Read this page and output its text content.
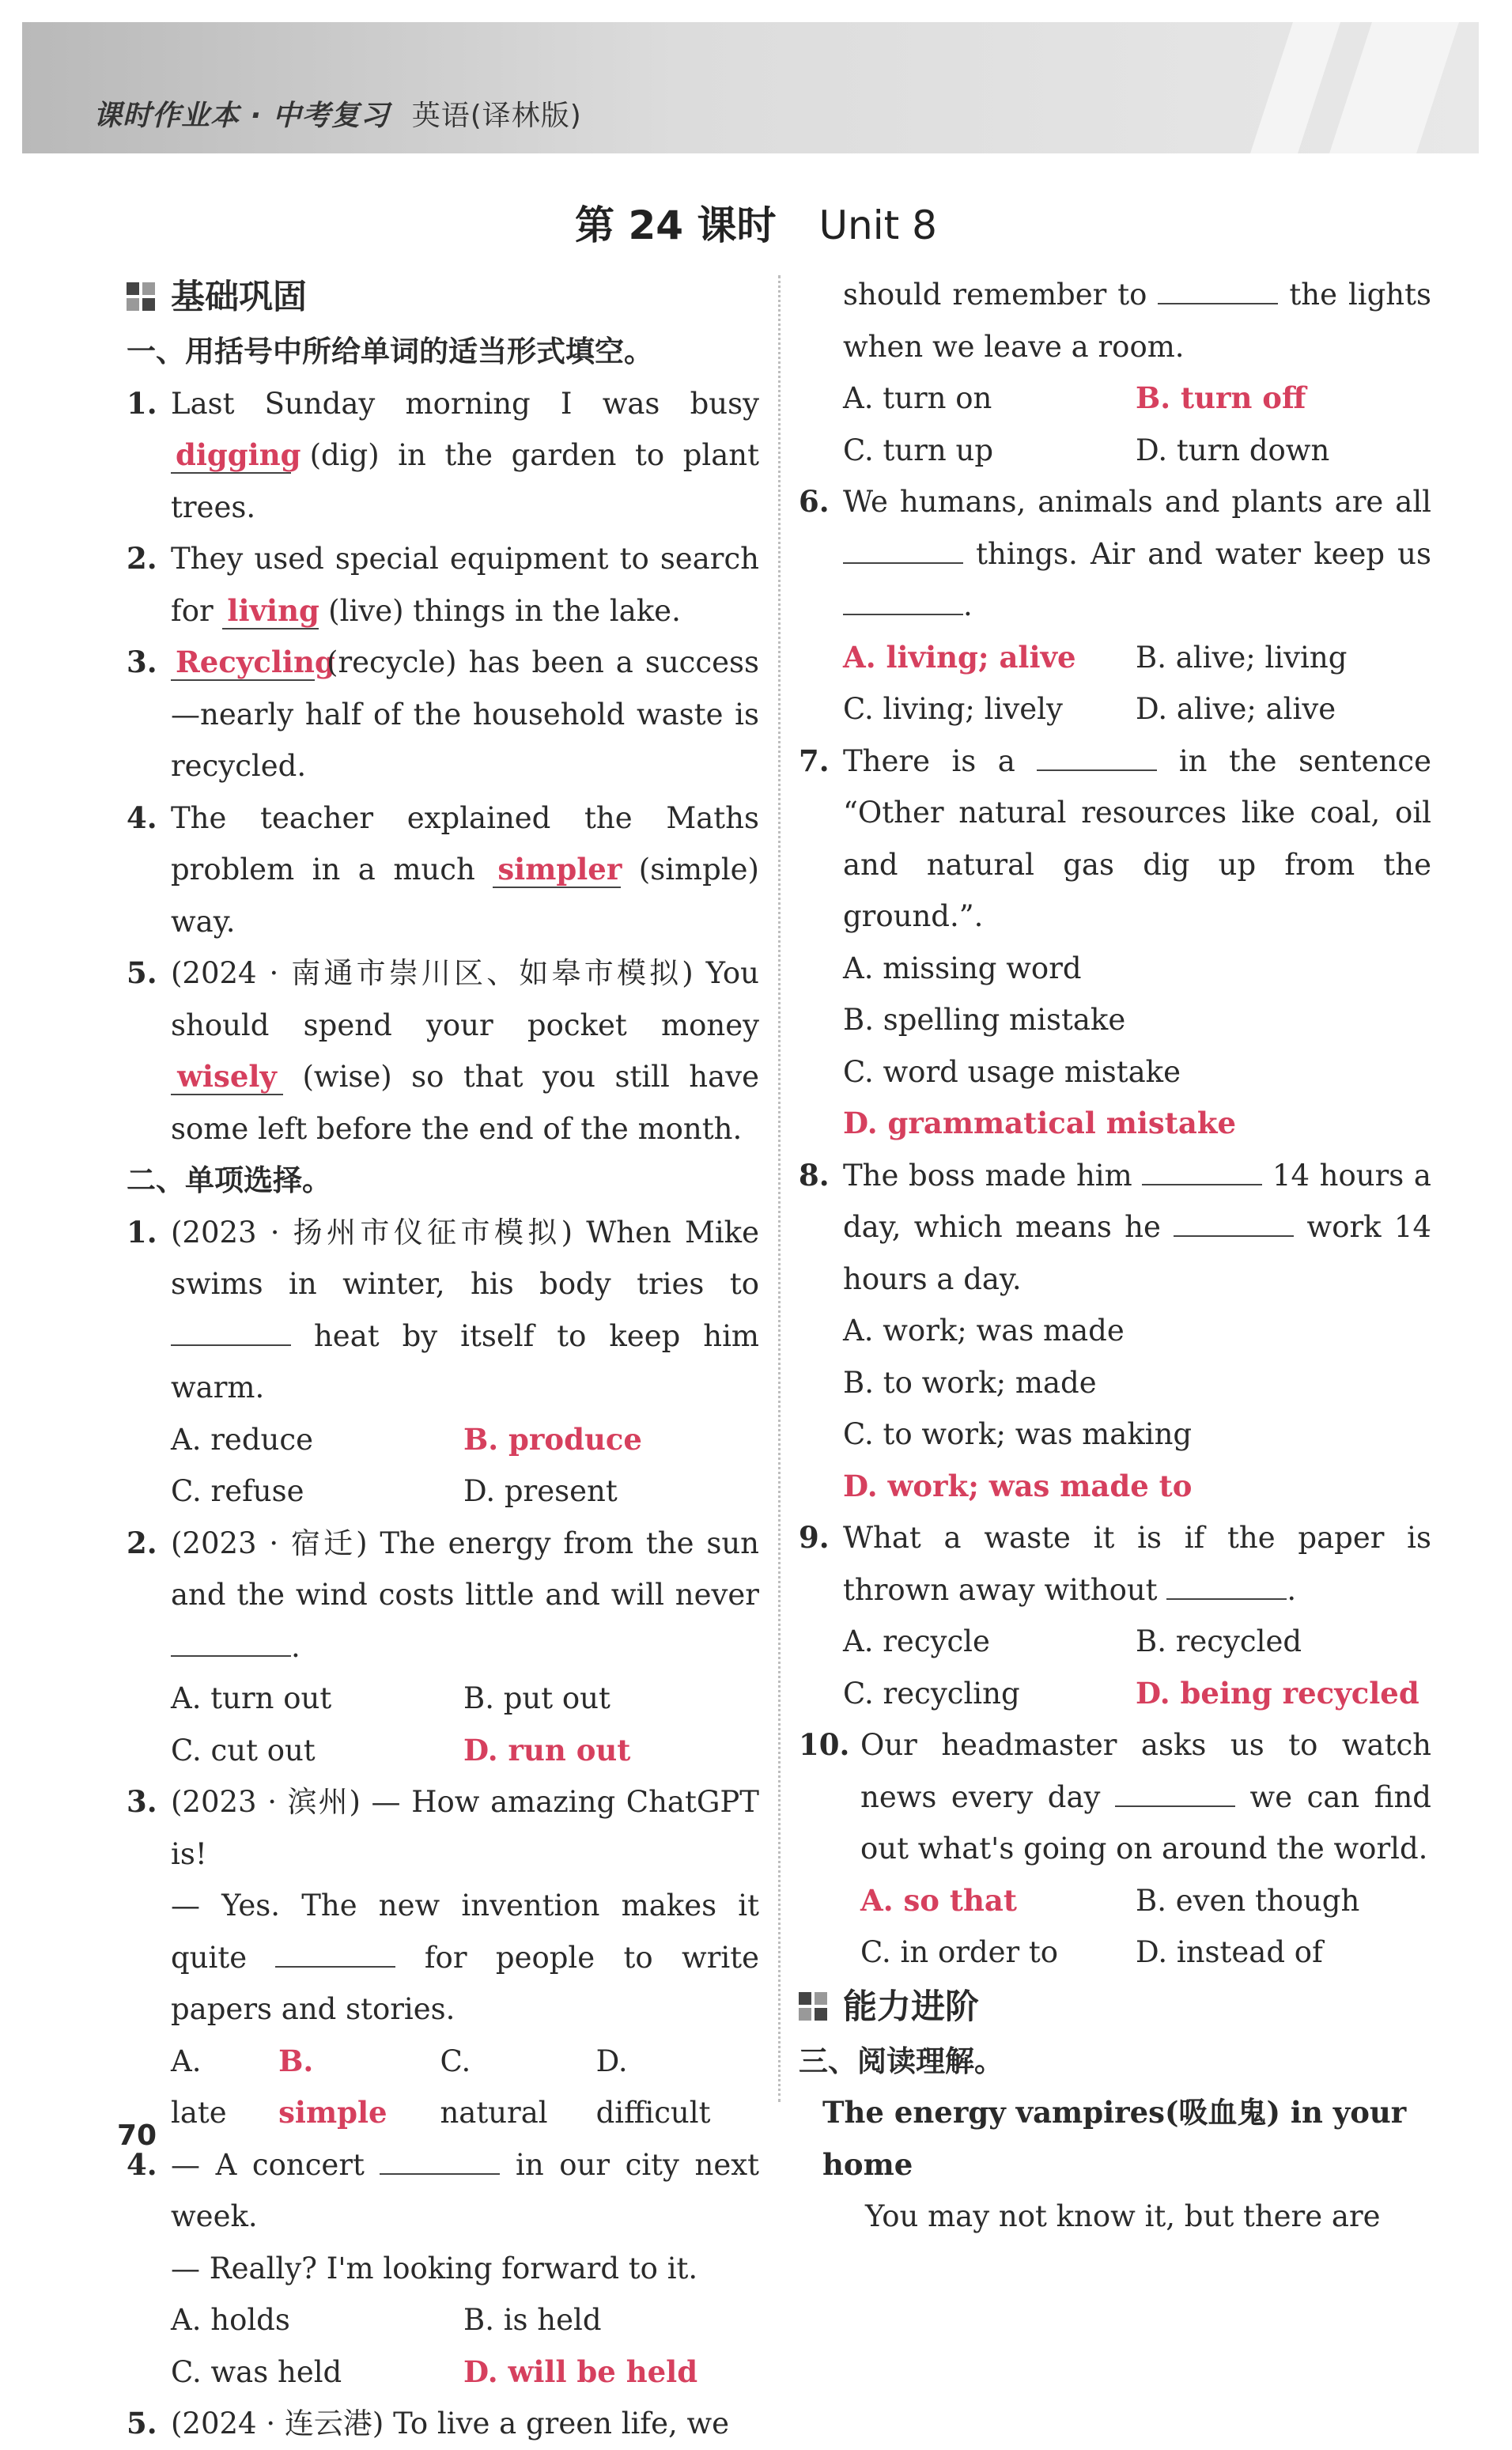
课时作业本 · 中考复习 英语(译林版)
第 24 课时 Unit 8
基础巩固
一、用括号中所给单词的适当形式填空。
1. Last Sunday morning I was busy digging (dig) in the garden to plant trees.
2. They used special equipment to search for living (live) things in the lake.
3. Recycling (recycle) has been a success—nearly half of the household waste is recycled.
4. The teacher explained the Maths problem in a much simpler (simple) way.
5. (2024 · 南通市崇川区、如皋市模拟) You should spend your pocket money wisely (wise) so that you still have some left before the end of the month.
二、单项选择。
1. (2023 · 扬州市仪征市模拟) When Mike swims in winter, his body tries to  heat by itself to keep him warm.
A. reduce	B. produce
C. refuse	D. present
2. (2023 · 宿迁) The energy from the sun and the wind costs little and will never .
A. turn out	B. put out
C. cut out	D. run out
3. (2023 · 滨州) — How amazing ChatGPT is!
— Yes. The new invention makes it quite	for people to write papers and stories.
A. late
B. simple
C. natural
D. difficult
4. — A concert	in our city next week.
— Really? I'm looking forward to it.
A. holds	B. is held
C. was held	D. will be held
5. (2024 · 连云港) To live a green life, we
should remember to	the lights when we leave a room.
A. turn on	B. turn off
C. turn up	D. turn down
6. We humans, animals and plants are all  things. Air and water keep us .
A. living; alive	B. alive; living
C. living; lively	D. alive; alive
7. There is a	in the sentence “Other natural resources like coal, oil and natural gas dig up from the ground.”.
A. missing word
B. spelling mistake
C. word usage mistake
D. grammatical mistake
8. The boss made him	14 hours a day, which means he	work 14 hours a day.
A. work; was made
B. to work; made
C. to work; was making
D. work; was made to
9. What a waste it is if the paper is thrown away without	.
A. recycle	B. recycled
C. recycling	D. being recycled
10. Our headmaster asks us to watch news every day	we can find out what's going on around the world.
A. so that	B. even though
C. in order to	D. instead of
能力进阶
三、阅读理解。
The energy vampires(吸血鬼) in your home
You may not know it, but there are
70
